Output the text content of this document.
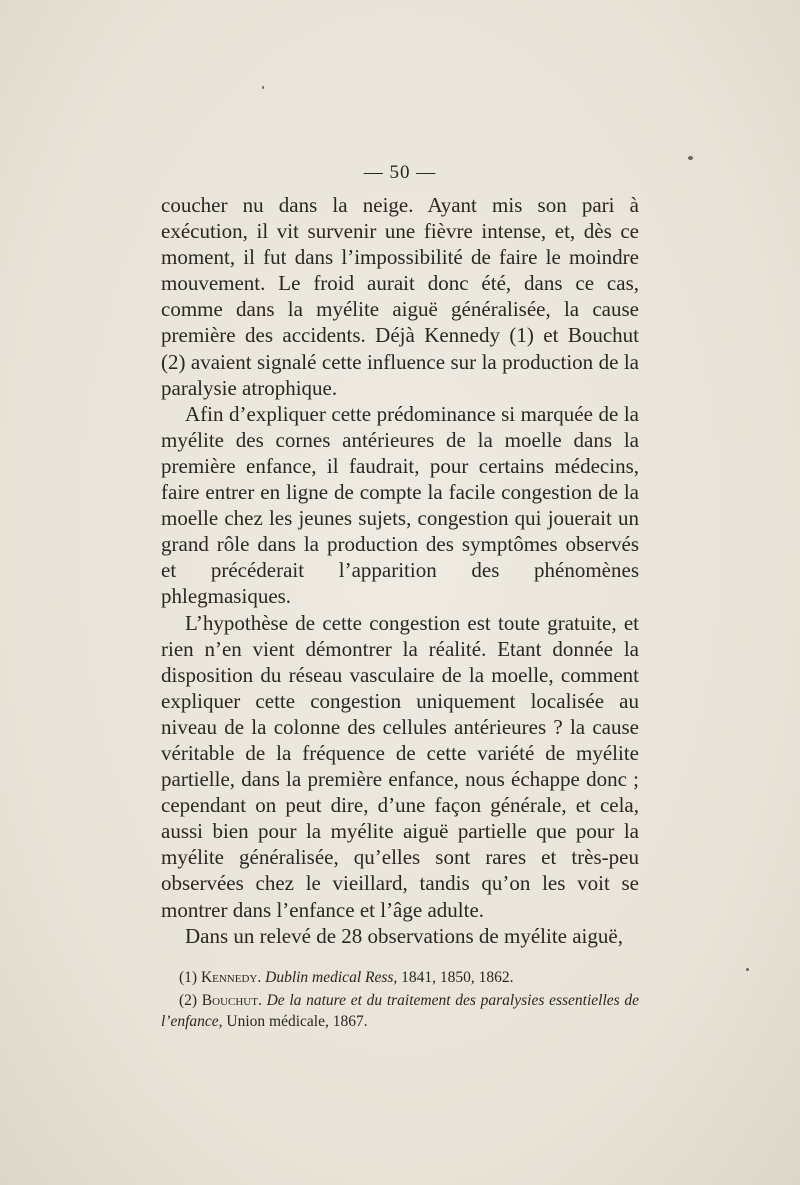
— 50 —

coucher nu dans la neige. Ayant mis son pari à exécution, il vit survenir une fièvre intense, et, dès ce moment, il fut dans l’impossibilité de faire le moindre mouvement. Le froid aurait donc été, dans ce cas, comme dans la myélite aiguë généralisée, la cause première des accidents. Déjà Kennedy (1) et Bouchut (2) avaient signalé cette influence sur la production de la paralysie atrophique.

Afin d’expliquer cette prédominance si marquée de la myélite des cornes antérieures de la moelle dans la première enfance, il faudrait, pour certains médecins, faire entrer en ligne de compte la facile congestion de la moelle chez les jeunes sujets, congestion qui jouerait un grand rôle dans la production des symptômes observés et précéderait l’apparition des phénomènes phlegmasiques.

L’hypothèse de cette congestion est toute gratuite, et rien n’en vient démontrer la réalité. Etant donnée la disposition du réseau vasculaire de la moelle, comment expliquer cette congestion uniquement localisée au niveau de la colonne des cellules antérieures ? la cause véritable de la fréquence de cette variété de myélite partielle, dans la première enfance, nous échappe donc ; cependant on peut dire, d’une façon générale, et cela, aussi bien pour la myélite aiguë partielle que pour la myélite généralisée, qu’elles sont rares et très-peu observées chez le vieillard, tandis qu’on les voit se montrer dans l’enfance et l’âge adulte.

Dans un relevé de 28 observations de myélite aiguë,

(1) Kennedy. Dublin medical Ress, 1841, 1850, 1862.

(2) Bouchut. De la nature et du traitement des paralysies essentielles de l’enfance, Union médicale, 1867.
